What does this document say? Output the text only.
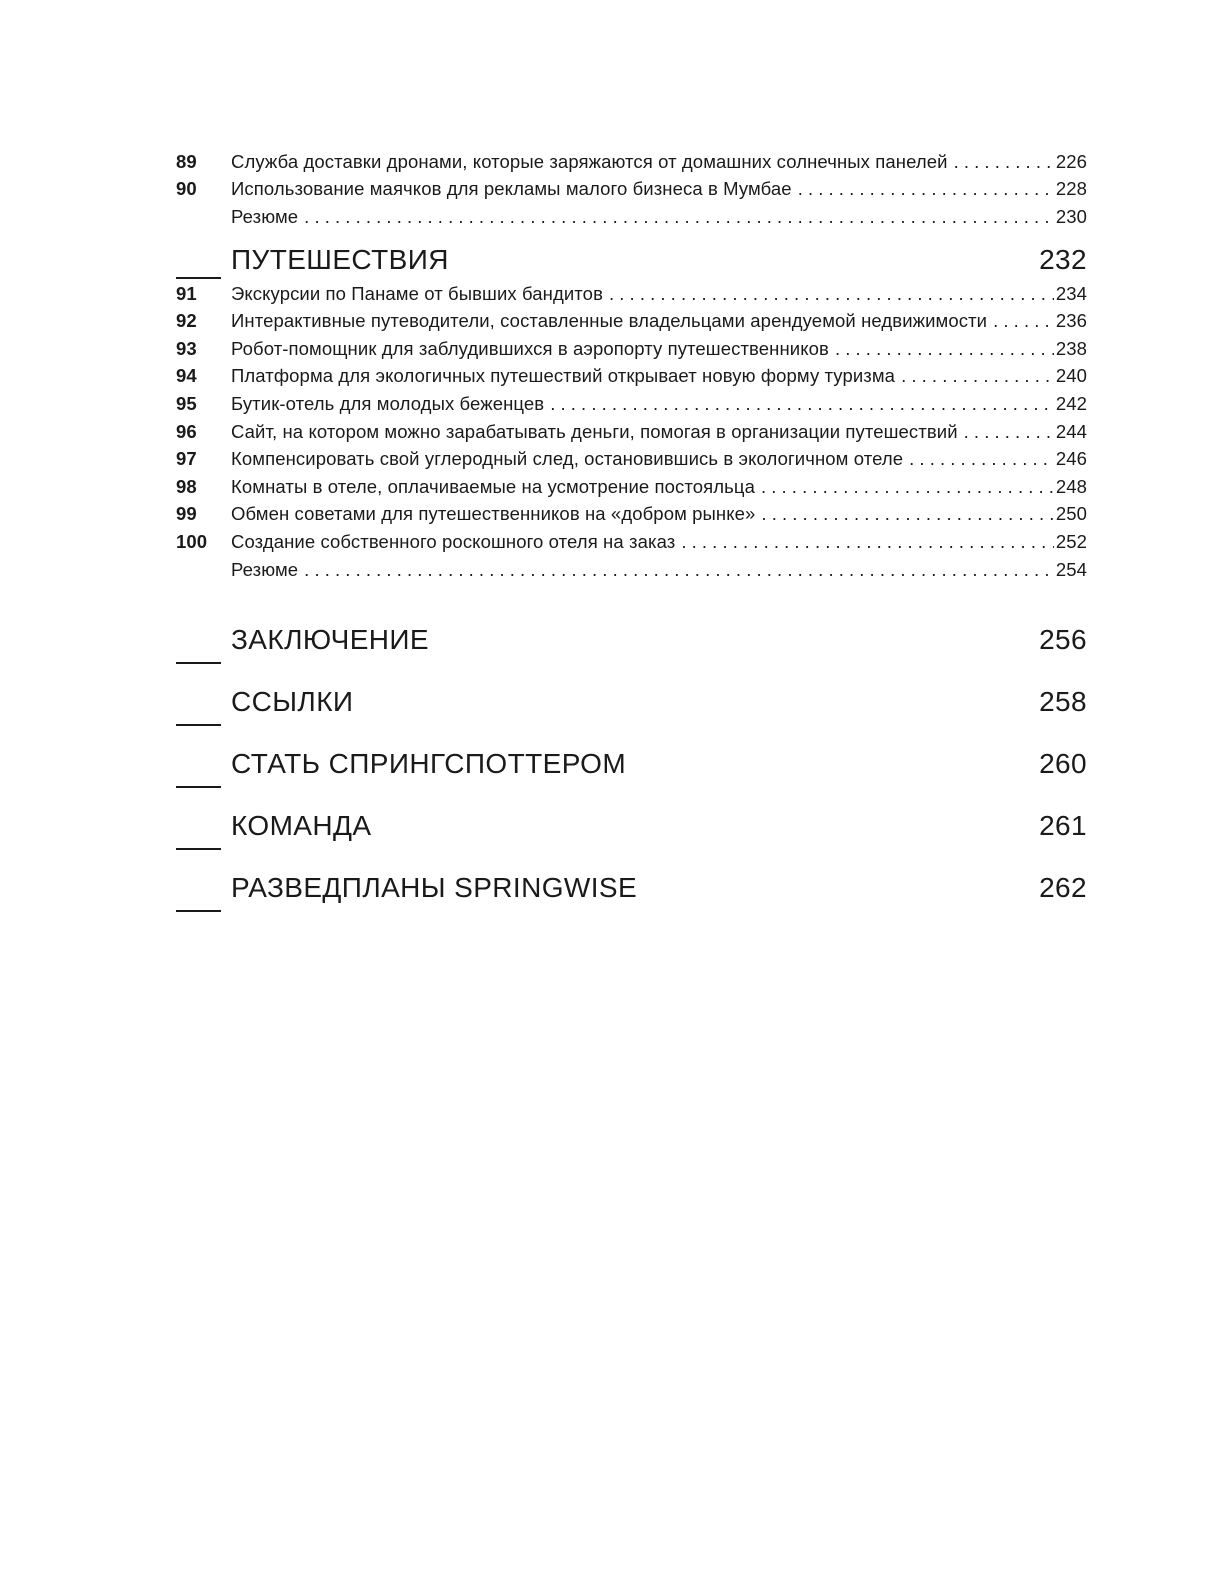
89	Служба доставки дронами, которые заряжаются от домашних солнечных панелей . . .	226
90	Использование маячков для рекламы малого бизнеса в Мумбае . . .	228
Резюме . . .	230
ПУТЕШЕСТВИЯ	232
91	Экскурсии по Панаме от бывших бандитов . . .	234
92	Интерактивные путеводители, составленные владельцами арендуемой недвижимости . . .	236
93	Робот-помощник для заблудившихся в аэропорту путешественников . . .	238
94	Платформа для экологичных путешествий открывает новую форму туризма . . .	240
95	Бутик-отель для молодых беженцев . . .	242
96	Сайт, на котором можно зарабатывать деньги, помогая в организации путешествий . . .	244
97	Компенсировать свой углеродный след, остановившись в экологичном отеле . . .	246
98	Комнаты в отеле, оплачиваемые на усмотрение постояльца . . .	248
99	Обмен советами для путешественников на «добром рынке» . . .	250
100	Создание собственного роскошного отеля на заказ . . .	252
Резюме . . .	254
ЗАКЛЮЧЕНИЕ	256
ССЫЛКИ	258
СТАТЬ СПРИНГСПОТТЕРОМ	260
КОМАНДА	261
РАЗВЕДПЛАНЫ SPRINGWISE	262
